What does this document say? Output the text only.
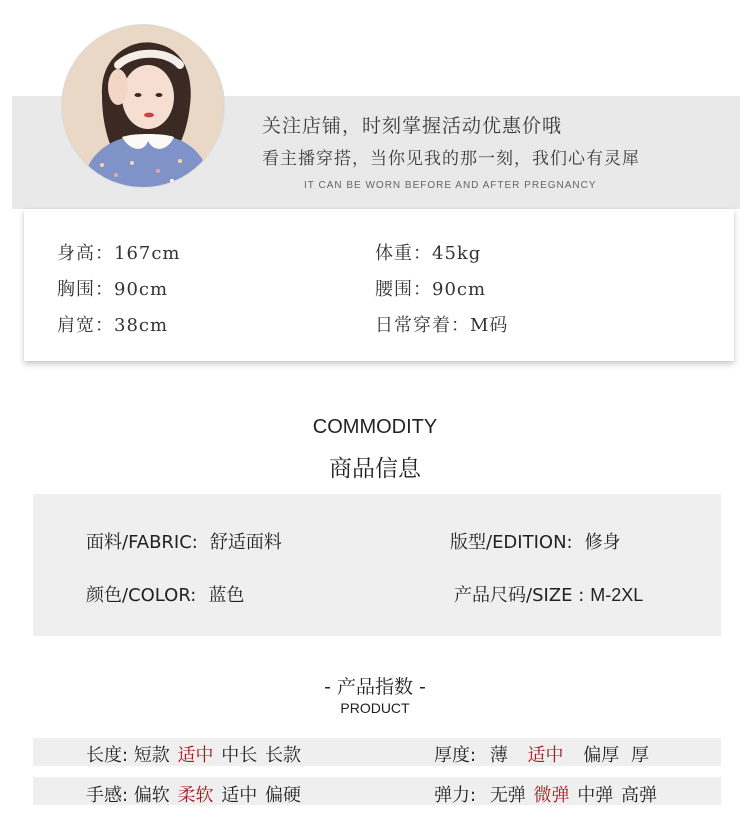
关注店铺，时刻掌握活动优惠价哦
看主播穿搭，当你见我的那一刻，我们心有灵犀
IT CAN BE WORN BEFORE AND AFTER PREGNANCY
身高：167cm	体重：45kg
胸围：90cm	腰围：90cm
肩宽：38cm	日常穿着：M码
COMMODITY
商品信息
面料/FABRIC: 舒适面料	版型/EDITION: 修身
颜色/COLOR: 蓝色	产品尺码/SIZE : M-2XL
- 产品指数 -
PRODUCT
长度: 短款 适中 中长 长款	厚度: 薄 适中 偏厚 厚
手感: 偏软 柔软 适中 偏硬	弹力: 无弹 微弹 中弹 高弹
